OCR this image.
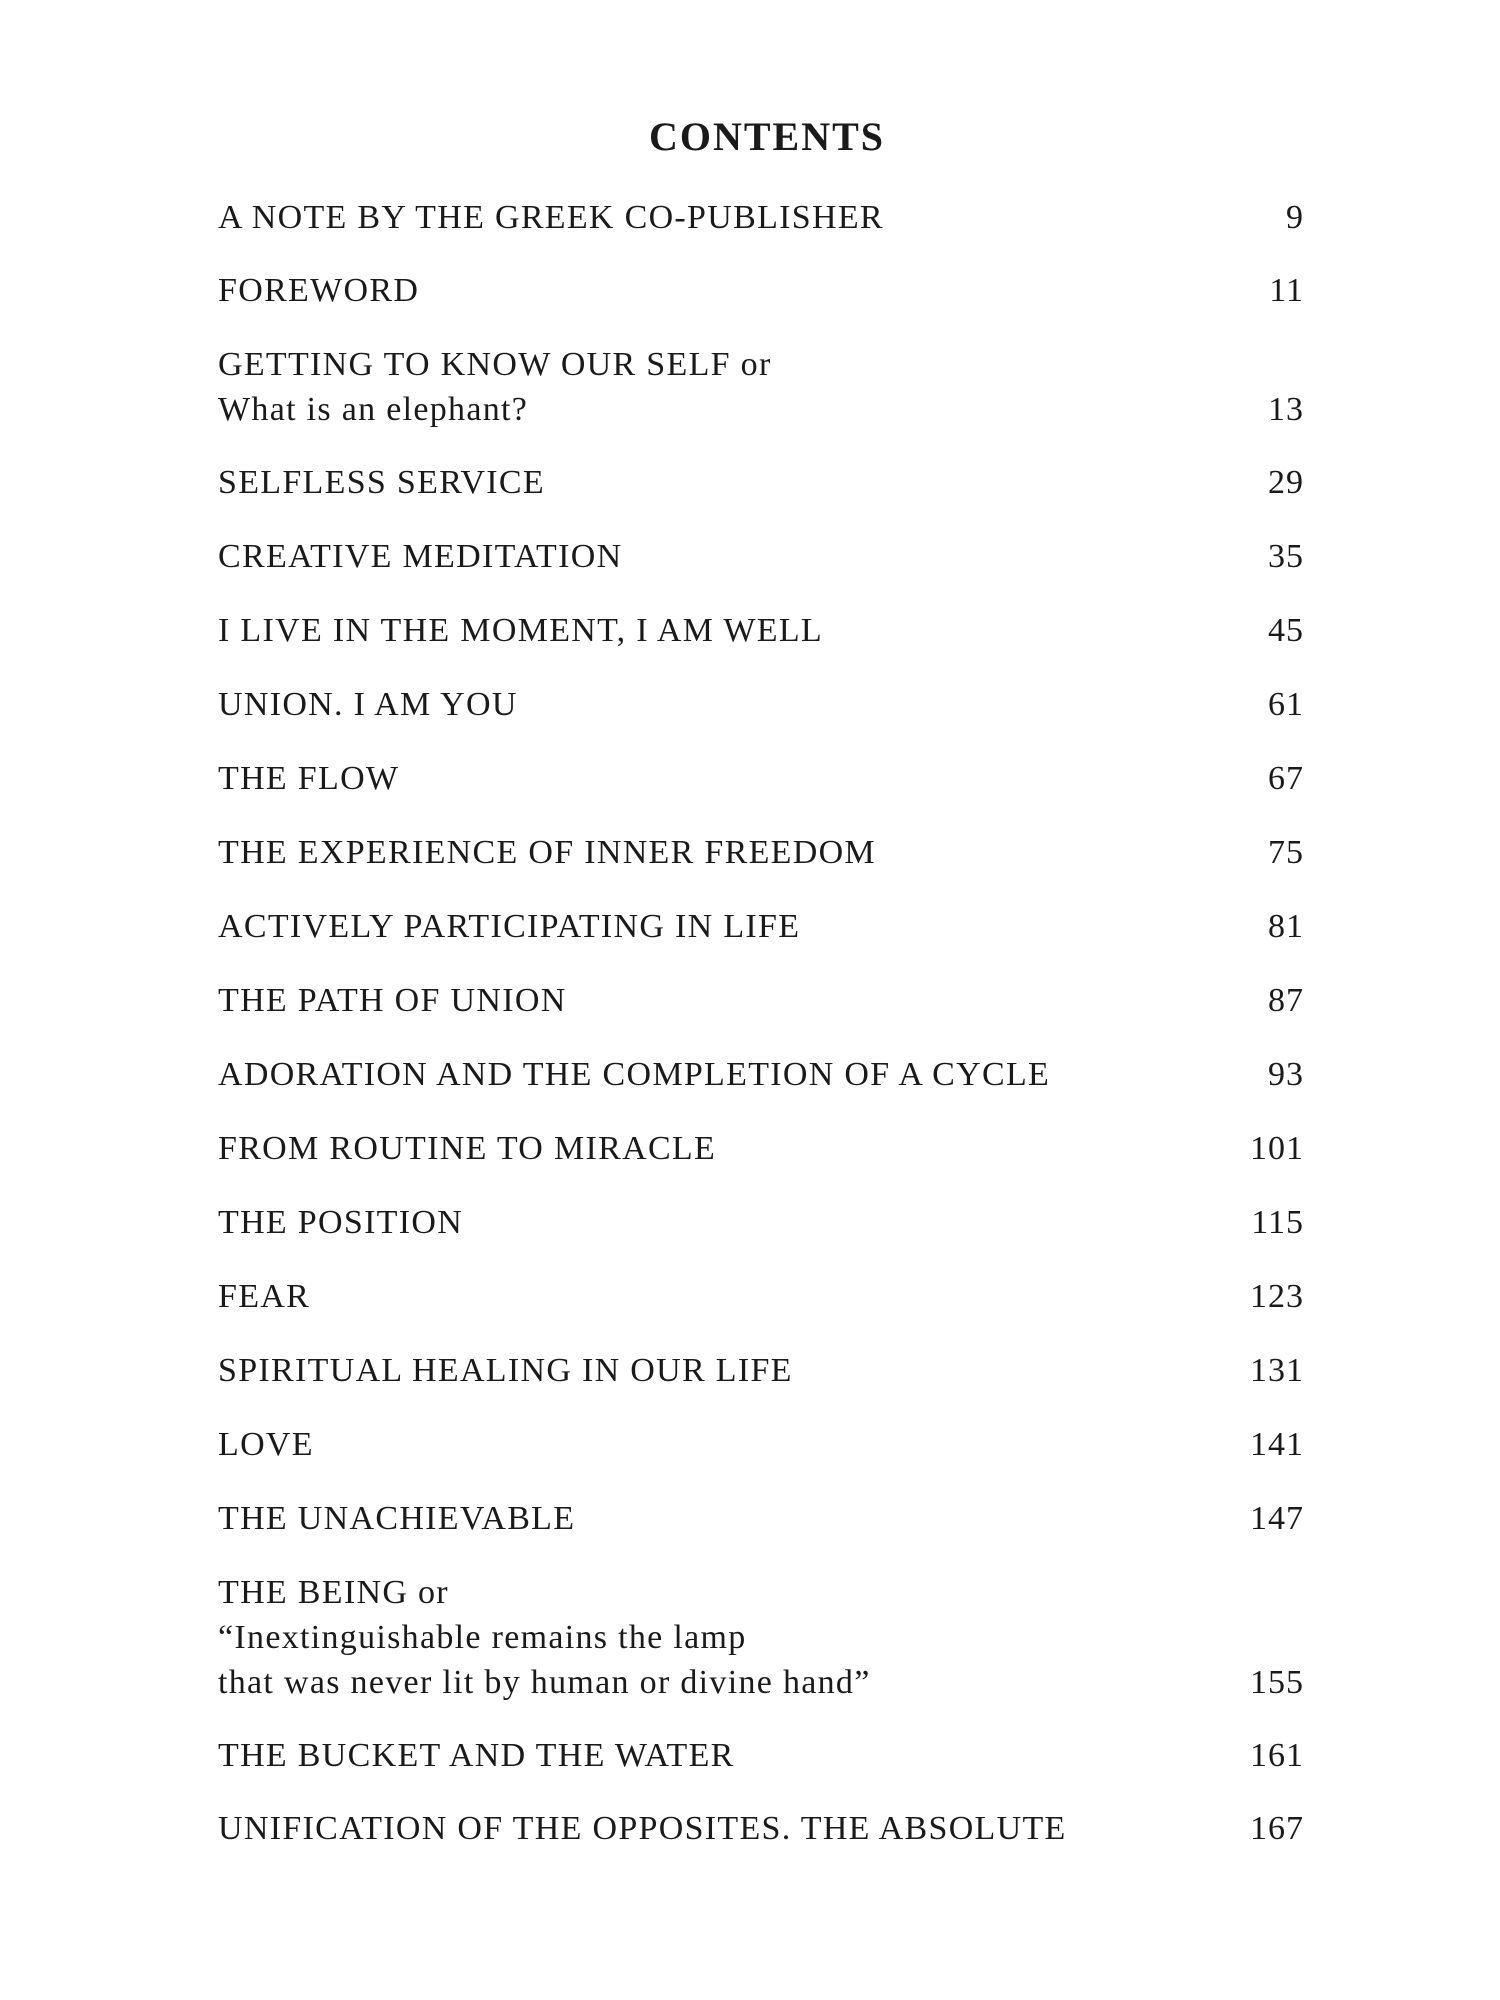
CONTENTS
A NOTE BY THE GREEK CO-PUBLISHER	9
FOREWORD	11
GETTING TO KNOW OUR SELF or
What is an elephant?	13
SELFLESS SERVICE	29
CREATIVE MEDITATION	35
I LIVE IN THE MOMENT, I AM WELL	45
UNION. I AM YOU	61
THE FLOW	67
THE EXPERIENCE OF INNER FREEDOM	75
ACTIVELY PARTICIPATING IN LIFE	81
THE PATH OF UNION	87
ADORATION AND THE COMPLETION OF A CYCLE	93
FROM ROUTINE TO MIRACLE	101
THE POSITION	115
FEAR	123
SPIRITUAL HEALING IN OUR LIFE	131
LOVE	141
THE UNACHIEVABLE	147
THE BEING or
“Inextinguishable remains the lamp
that was never lit by human or divine hand”	155
THE BUCKET AND THE WATER	161
UNIFICATION OF THE OPPOSITES. THE ABSOLUTE	167
